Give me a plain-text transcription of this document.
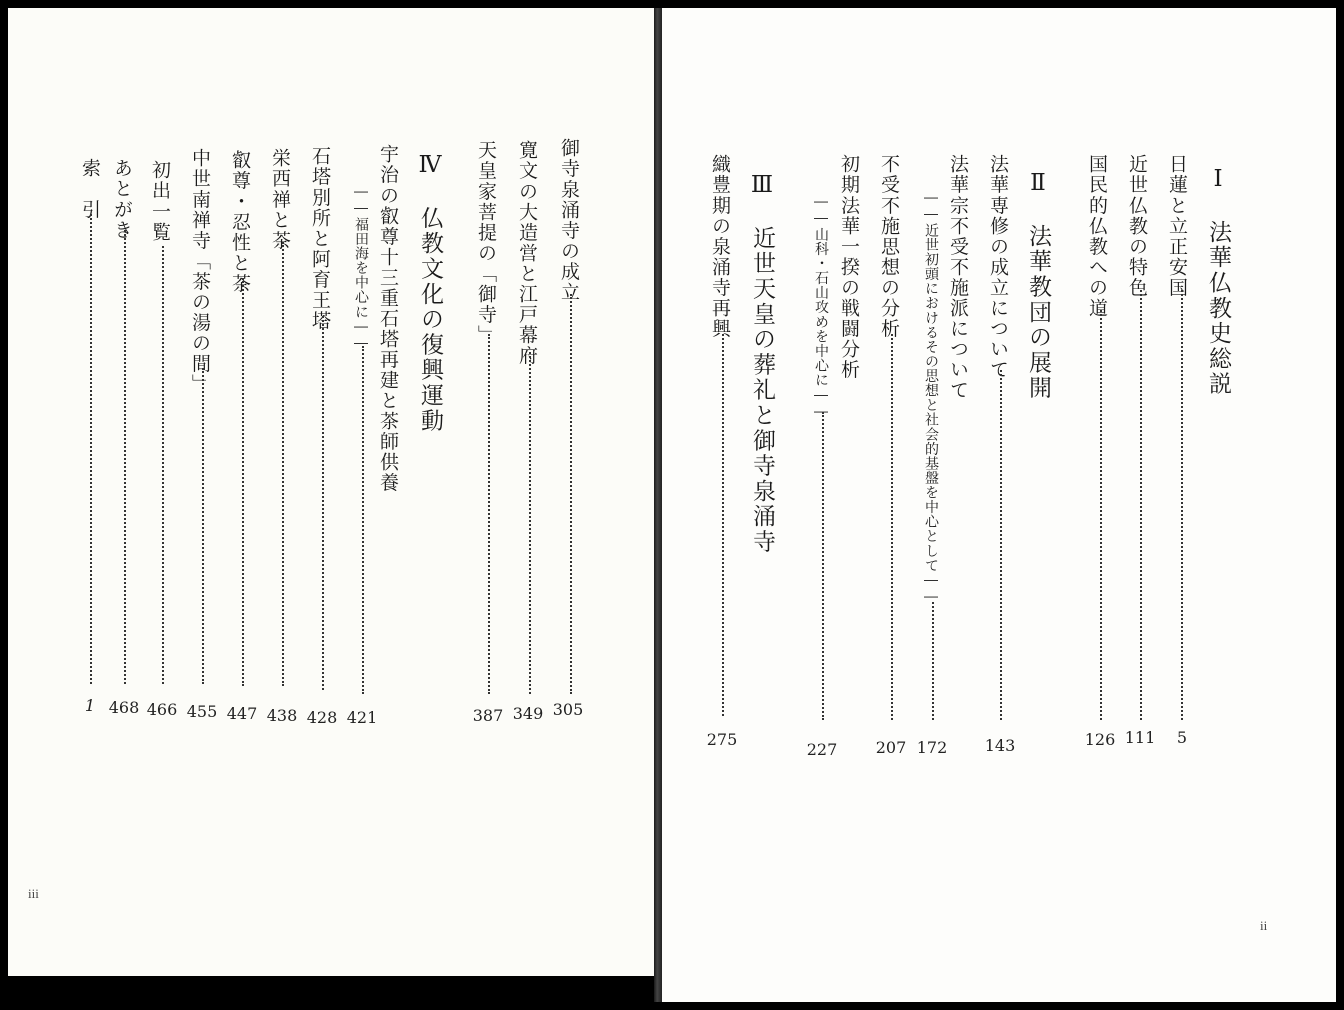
Ⅰ　法華仏教史総説
日蓮と立正安国
5
近世仏教の特色
111
国民的仏教への道
126
Ⅱ　法華教団の展開
法華専修の成立について
143
法華宗不受不施派について
――近世初頭におけるその思想と社会的基盤を中心として――
172
不受不施思想の分析
207
初期法華一揆の戦闘分析
――山科・石山攻めを中心に――
227
Ⅲ　近世天皇の葬礼と御寺泉涌寺
織豊期の泉涌寺再興
275
ii
御寺泉涌寺の成立
305
寛文の大造営と江戸幕府
349
天皇家菩提の「御寺」
387
Ⅳ　仏教文化の復興運動
宇治の叡尊十三重石塔再建と茶師供養
――福田海を中心に――
421
石塔別所と阿育王塔
428
栄西禅と茶
438
叡尊・忍性と茶
447
中世南禅寺「茶の湯の間」
455
初出一覧
466
あとがき
468
索　引
1
iii
